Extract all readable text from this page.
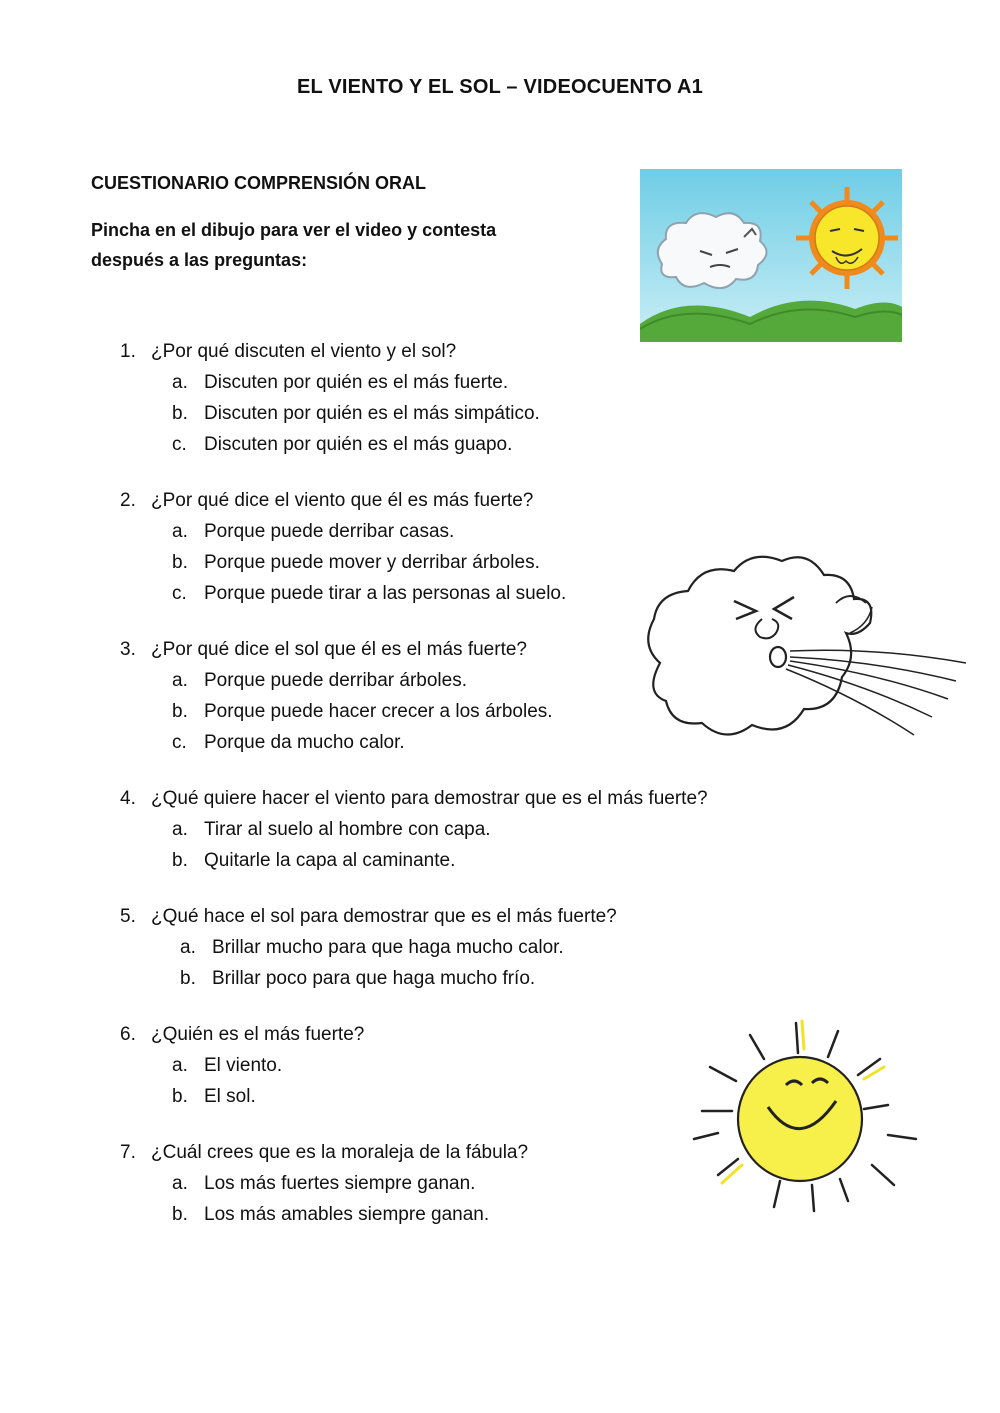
EL VIENTO Y EL SOL – VIDEOCUENTO A1
CUESTIONARIO COMPRENSIÓN ORAL
Pincha en el dibujo para ver el video y contesta
después a las preguntas:
1. ¿Por qué discuten el viento y el sol?
a. Discuten por quién es el más fuerte.
b. Discuten por quién es el más simpático.
c. Discuten por quién es el más guapo.
2. ¿Por qué dice el viento que él es más fuerte?
a. Porque puede derribar casas.
b. Porque puede mover y derribar árboles.
c. Porque puede tirar a las personas al suelo.
3. ¿Por qué dice el sol que él es el más fuerte?
a. Porque puede derribar árboles.
b. Porque puede hacer crecer a los árboles.
c. Porque da mucho calor.
4. ¿Qué quiere hacer el viento para demostrar que es el más fuerte?
a. Tirar al suelo al hombre con capa.
b. Quitarle la capa al caminante.
5. ¿Qué hace el sol para demostrar que es el más fuerte?
a. Brillar mucho para que haga mucho calor.
b. Brillar poco para que haga mucho frío.
6. ¿Quién es el más fuerte?
a. El viento.
b. El sol.
7. ¿Cuál crees que es la moraleja de la fábula?
a. Los más fuertes siempre ganan.
b. Los más amables siempre ganan.
